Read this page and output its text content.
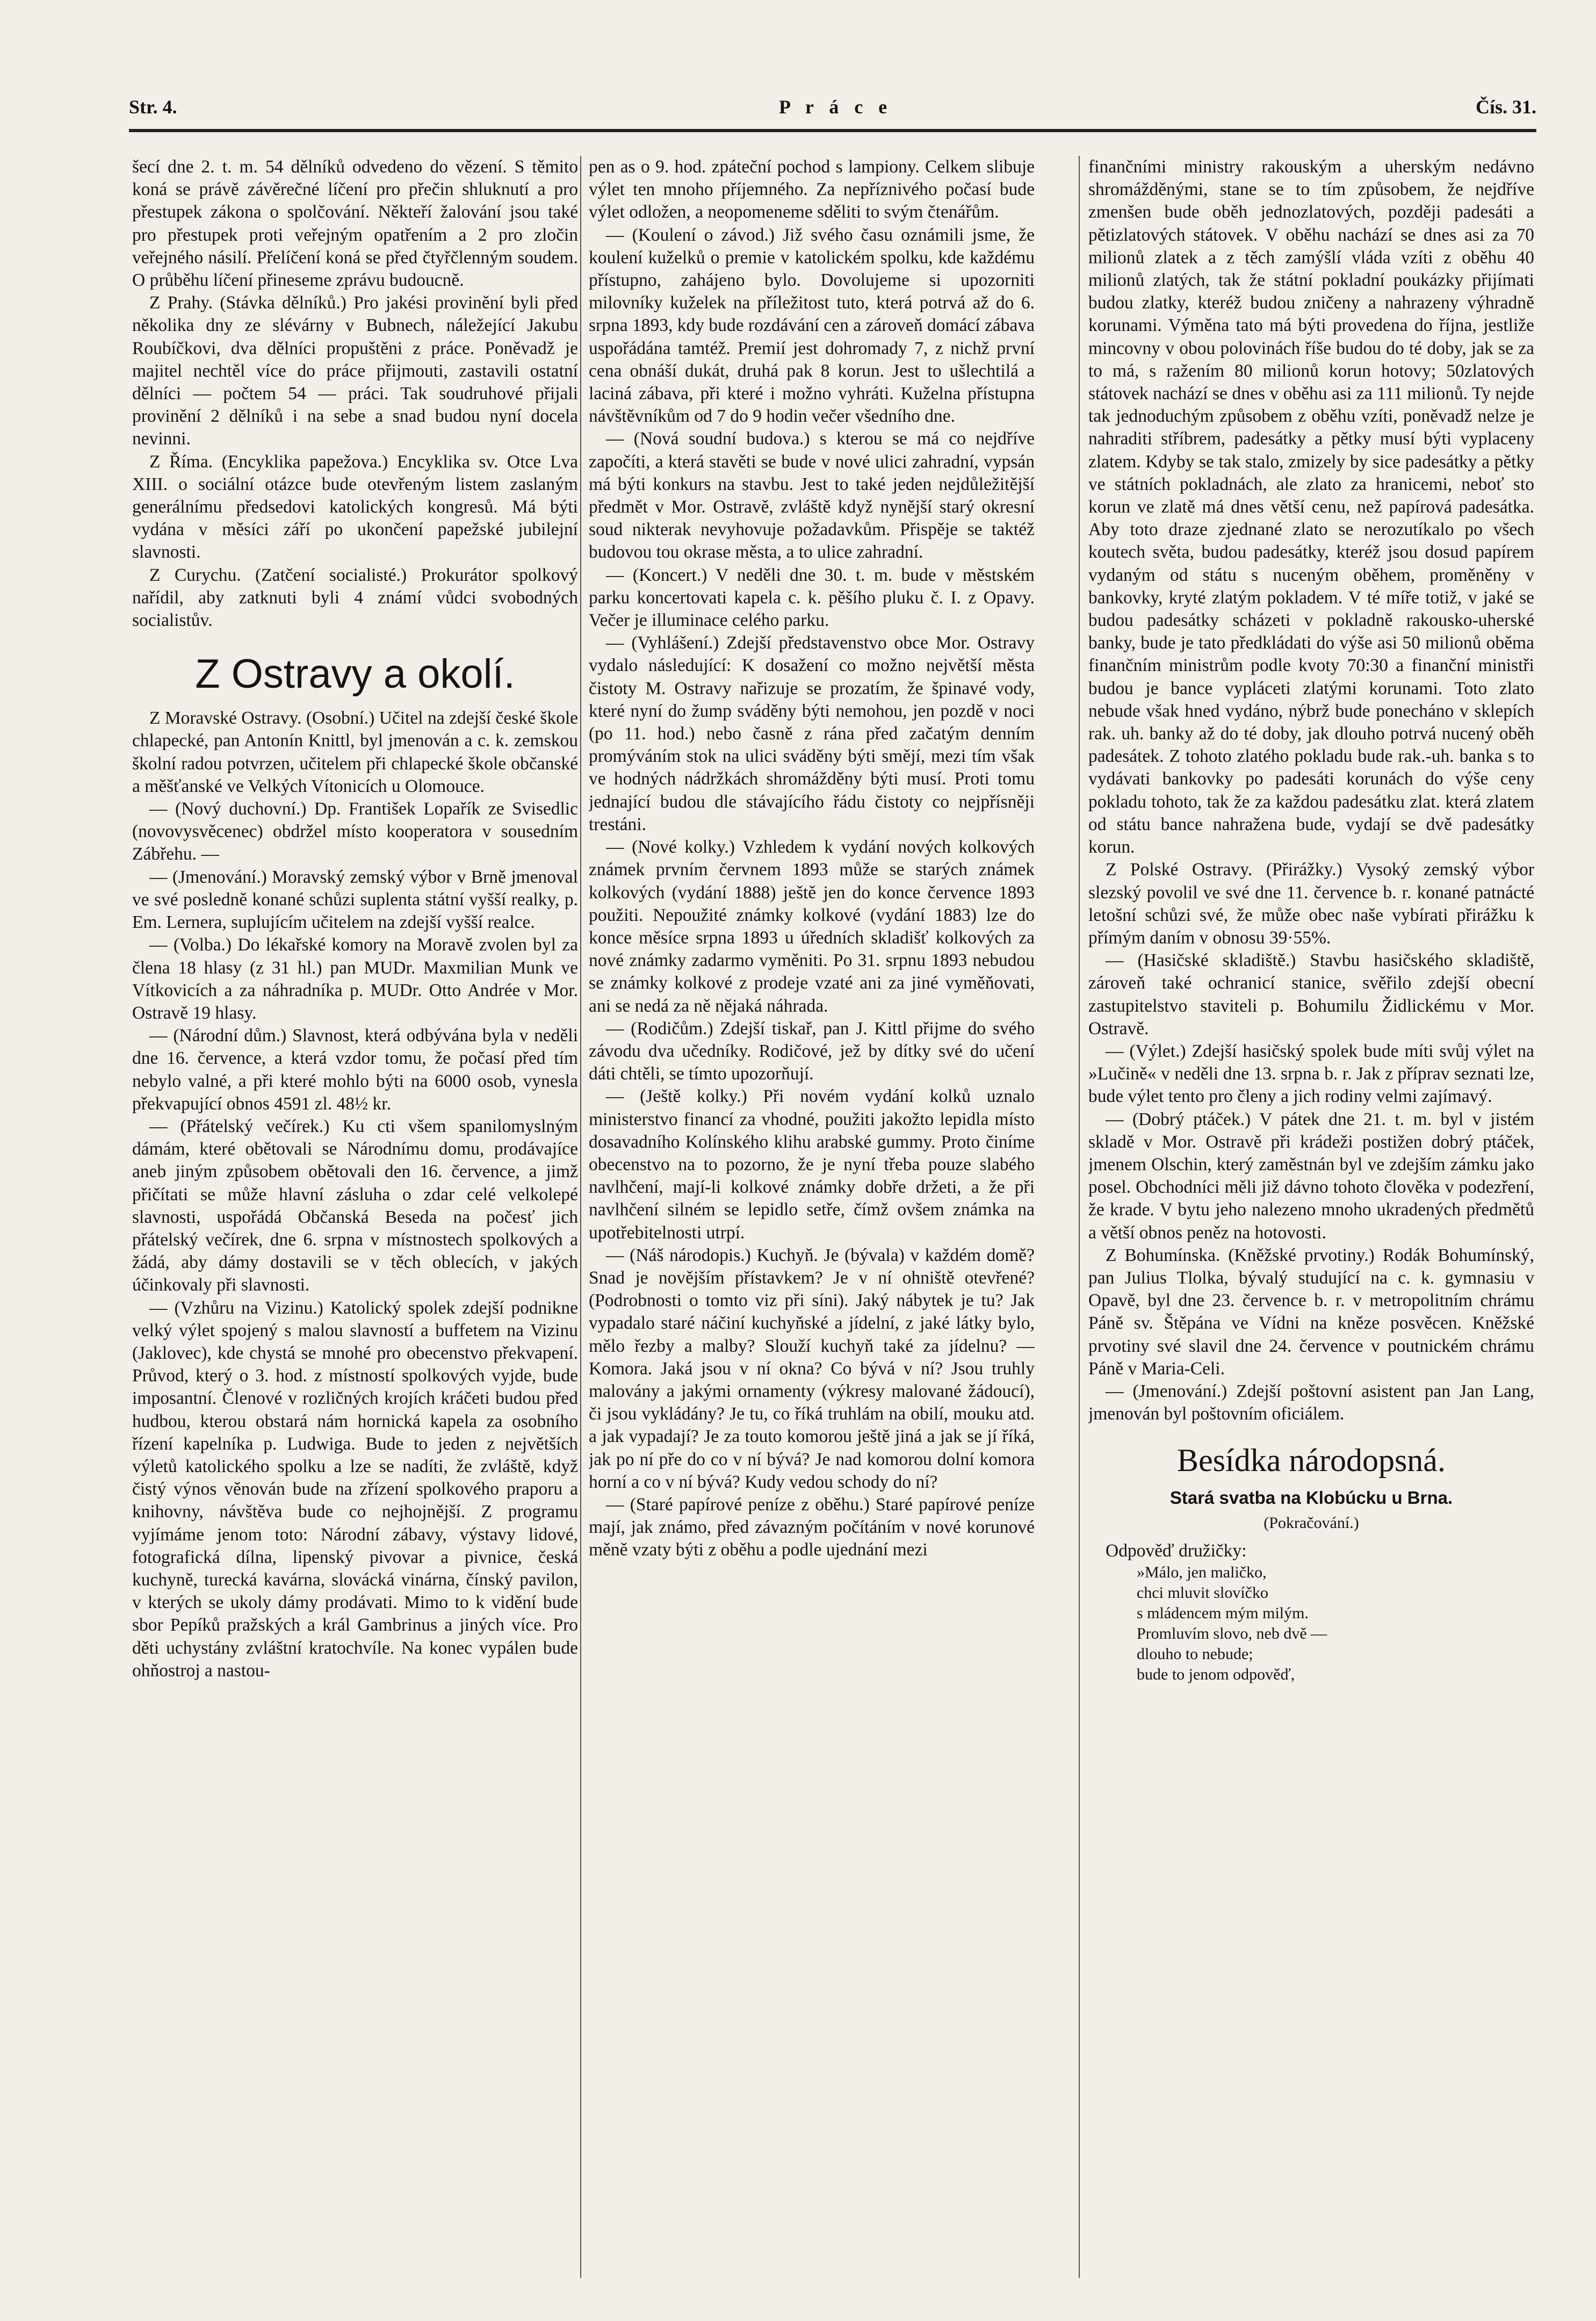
Str. 4.	P r á c e	Čís. 31.

šecí dne 2. t. m. 54 dělníků odvedeno do vězení. S těmito koná se právě závěrečné líčení pro přečin shluknutí a pro přestupek zákona o spolčování. Někteří žalování jsou také pro přestupek proti veřejným opatřením a 2 pro zločin veřejného násilí. Přelíčení koná se před čtyřčlenným soudem. O průběhu líčení přineseme zprávu budoucně.

Z Prahy. (Stávka dělníků.) Pro jakési provinění byli před několika dny ze slévárny v Bubnech, náležející Jakubu Roubíčkovi, dva dělníci propuštěni z práce. Poněvadž je majitel nechtěl více do práce přijmouti, zastavili ostatní dělníci — počtem 54 — práci. Tak soudruhové přijali provinění 2 dělníků i na sebe a snad budou nyní docela nevinni.

Z Říma. (Encyklika papežova.) Encyklika sv. Otce Lva XIII. o sociální otázce bude otevřeným listem zaslaným generálnímu předsedovi katolických kongresů. Má býti vydána v měsíci září po ukončení papežské jubilejní slavnosti.

Z Curychu. (Zatčení socialisté.) Prokurátor spolkový nařídil, aby zatknuti byli 4 známí vůdci svobodných socialistův.

Z Ostravy a okolí.

Z Moravské Ostravy. (Osobní.) Učitel na zdejší české škole chlapecké, pan Antonín Knittl, byl jmenován a c. k. zemskou školní radou potvrzen, učitelem při chlapecké škole občanské a měšťanské ve Velkých Vítonicích u Olomouce.

— (Nový duchovní.) Dp. František Lopařík ze Svisedlic (novovysvěcenec) obdržel místo kooperatora v sousedním Zábřehu. —

— (Jmenování.) Moravský zemský výbor v Brně jmenoval ve své posledně konané schůzi suplenta státní vyšší realky, p. Em. Lernera, suplujícím učitelem na zdejší vyšší realce.

— (Volba.) Do lékařské komory na Moravě zvolen byl za člena 18 hlasy (z 31 hl.) pan MUDr. Maxmilian Munk ve Vítkovicích a za náhradníka p. MUDr. Otto Andrée v Mor. Ostravě 19 hlasy.

— (Národní dům.) Slavnost, která odbývána byla v neděli dne 16. července, a která vzdor tomu, že počasí před tím nebylo valné, a při které mohlo býti na 6000 osob, vynesla překvapující obnos 4591 zl. 48½ kr.

— (Přátelský večírek.) Ku cti všem spanilomyslným dámám, které obětovali se Národnímu domu, prodávajíce aneb jiným způsobem obětovali den 16. července, a jimž přičítati se může hlavní zásluha o zdar celé velkolepé slavnosti, uspořádá Občanská Beseda na počesť jich přátelský večírek, dne 6. srpna v místnostech spolkových a žádá, aby dámy dostavili se v těch oblecích, v jakých účinkovaly při slavnosti.

— (Vzhůru na Vizinu.) Katolický spolek zdejší podnikne velký výlet spojený s malou slavností a buffetem na Vizinu (Jaklovec), kde chystá se mnohé pro obecenstvo překvapení. Průvod, který o 3. hod. z místností spolkových vyjde, bude imposantní. Členové v rozličných krojích kráčeti budou před hudbou, kterou obstará nám hornická kapela za osobního řízení kapelníka p. Ludwiga. Bude to jeden z největších výletů katolického spolku a lze se nadíti, že zvláště, když čistý výnos věnován bude na zřízení spolkového praporu a knihovny, návštěva bude co nejhojnější. Z programu vyjímáme jenom toto: Národní zábavy, výstavy lidové, fotografická dílna, lipenský pivovar a pivnice, česká kuchyně, turecká kavárna, slovácká vinárna, čínský pavilon, v kterých se ukoly dámy prodávati. Mimo to k vidění bude sbor Pepíků pražských a král Gambrinus a jiných více. Pro děti uchystány zvláštní kratochvíle. Na konec vypálen bude ohňostroj a nastou-

pen as o 9. hod. zpáteční pochod s lampiony. Celkem slibuje výlet ten mnoho příjemného. Za nepříznivého počasí bude výlet odložen, a neopomeneme sděliti to svým čtenářům.

— (Koulení o závod.) Již svého času oznámili jsme, že koulení kuželků o premie v katolickém spolku, kde každému přístupno, zahájeno bylo. Dovolujeme si upozorniti milovníky kuželek na příležitost tuto, která potrvá až do 6. srpna 1893, kdy bude rozdávání cen a zároveň domácí zábava uspořádána tamtéž. Premií jest dohromady 7, z nichž první cena obnáší dukát, druhá pak 8 korun. Jest to ušlechtilá a laciná zábava, při které i možno vyhráti. Kuželna přístupna návštěvníkům od 7 do 9 hodin večer všedního dne.

— (Nová soudní budova.) s kterou se má co nejdříve započíti, a která stavěti se bude v nové ulici zahradní, vypsán má býti konkurs na stavbu. Jest to také jeden nejdůležitější předmět v Mor. Ostravě, zvláště když nynější starý okresní soud nikterak nevyhovuje požadavkům. Přispěje se taktéž budovou tou okrase města, a to ulice zahradní.

— (Koncert.) V neděli dne 30. t. m. bude v městském parku koncertovati kapela c. k. pěšího pluku č. I. z Opavy. Večer je illuminace celého parku.

— (Vyhlášení.) Zdejší představenstvo obce Mor. Ostravy vydalo následující: K dosažení co možno největší města čistoty M. Ostravy nařizuje se prozatím, že špinavé vody, které nyní do žump sváděny býti nemohou, jen pozdě v noci (po 11. hod.) nebo časně z rána před začatým denním promýváním stok na ulici sváděny býti smějí, mezi tím však ve hodných nádržkách shromážděny býti musí. Proti tomu jednající budou dle stávajícího řádu čistoty co nejpřísněji trestáni.

— (Nové kolky.) Vzhledem k vydání nových kolkových známek prvním červnem 1893 může se starých známek kolkových (vydání 1888) ještě jen do konce července 1893 použiti. Nepoužité známky kolkové (vydání 1883) lze do konce měsíce srpna 1893 u úředních skladišť kolkových za nové známky zadarmo vyměniti. Po 31. srpnu 1893 nebudou se známky kolkové z prodeje vzaté ani za jiné vyměňovati, ani se nedá za ně nějaká náhrada.

— (Rodičům.) Zdejší tiskař, pan J. Kittl přijme do svého závodu dva učedníky. Rodičové, jež by dítky své do učení dáti chtěli, se tímto upozorňují.

— (Ještě kolky.) Při novém vydání kolků uznalo ministerstvo financí za vhodné, použiti jakožto lepidla místo dosavadního Kolínského klihu arabské gummy. Proto činíme obecenstvo na to pozorno, že je nyní třeba pouze slabého navlhčení, mají-li kolkové známky dobře držeti, a že při navlhčení silném se lepidlo setře, čímž ovšem známka na upotřebitelnosti utrpí.

— (Náš národopis.) Kuchyň. Je (bývala) v každém domě? Snad je novějším přístavkem? Je v ní ohniště otevřené? (Podrobnosti o tomto viz při síni). Jaký nábytek je tu? Jak vypadalo staré náčiní kuchyňské a jídelní, z jaké látky bylo, mělo řezby a malby? Slouží kuchyň také za jídelnu? — Komora. Jaká jsou v ní okna? Co bývá v ní? Jsou truhly malovány a jakými ornamenty (výkresy malované žádoucí), či jsou vykládány? Je tu, co říká truhlám na obilí, mouku atd. a jak vypadají? Je za touto komorou ještě jiná a jak se jí říká, jak po ní pře do co v ní bývá? Je nad komorou dolní komora horní a co v ní bývá? Kudy vedou schody do ní?

— (Staré papírové peníze z oběhu.) Staré papírové peníze mají, jak známo, před závazným počítáním v nové korunové měně vzaty býti z oběhu a podle ujednání mezi

finančními ministry rakouským a uherským nedávno shromážděnými, stane se to tím způsobem, že nejdříve zmenšen bude oběh jednozlatových, později padesáti a pětizlatových státovek. V oběhu nachází se dnes asi za 70 milionů zlatek a z těch zamýšlí vláda vzíti z oběhu 40 milionů zlatých, tak že státní pokladní poukázky přijímati budou zlatky, kteréž budou zničeny a nahrazeny výhradně korunami. Výměna tato má býti provedena do října, jestliže mincovny v obou polovinách říše budou do té doby, jak se za to má, s ražením 80 milionů korun hotovy; 50zlatových státovek nachází se dnes v oběhu asi za 111 milionů. Ty nejde tak jednoduchým způsobem z oběhu vzíti, poněvadž nelze je nahraditi stříbrem, padesátky a pětky musí býti vyplaceny zlatem. Kdyby se tak stalo, zmizely by sice padesátky a pětky ve státních pokladnách, ale zlato za hranicemi, neboť sto korun ve zlatě má dnes větší cenu, než papírová padesátka. Aby toto draze zjednané zlato se nerozutíkalo po všech koutech světa, budou padesátky, kteréž jsou dosud papírem vydaným od státu s nuceným oběhem, proměněny v bankovky, kryté zlatým pokladem. V té míře totiž, v jaké se budou padesátky scházeti v pokladně rakousko-uherské banky, bude je tato předkládati do výše asi 50 milionů oběma finančním ministrům podle kvoty 70:30 a finanční ministři budou je bance vypláceti zlatými korunami. Toto zlato nebude však hned vydáno, nýbrž bude ponecháno v sklepích rak. uh. banky až do té doby, jak dlouho potrvá nucený oběh padesátek. Z tohoto zlatého pokladu bude rak.-uh. banka s to vydávati bankovky po padesáti korunách do výše ceny pokladu tohoto, tak že za každou padesátku zlat. která zlatem od státu bance nahražena bude, vydají se dvě padesátky korun.

Z Polské Ostravy. (Přirážky.) Vysoký zemský výbor slezský povolil ve své dne 11. července b. r. konané patnácté letošní schůzi své, že může obec naše vybírati přirážku k přímým daním v obnosu 39·55%.

— (Hasičské skladiště.) Stavbu hasičského skladiště, zároveň také ochranicí stanice, svěřilo zdejší obecní zastupitelstvo staviteli p. Bohumilu Židlickému v Mor. Ostravě.

— (Výlet.) Zdejší hasičský spolek bude míti svůj výlet na »Lučině« v neděli dne 13. srpna b. r. Jak z příprav seznati lze, bude výlet tento pro členy a jich rodiny velmi zajímavý.

— (Dobrý ptáček.) V pátek dne 21. t. m. byl v jistém skladě v Mor. Ostravě při krádeži postižen dobrý ptáček, jmenem Olschin, který zaměstnán byl ve zdejším zámku jako posel. Obchodníci měli již dávno tohoto člověka v podezření, že krade. V bytu jeho nalezeno mnoho ukradených předmětů a větší obnos peněz na hotovosti.

Z Bohumínska. (Kněžské prvotiny.) Rodák Bohumínský, pan Julius Tlolka, bývalý studující na c. k. gymnasiu v Opavě, byl dne 23. července b. r. v metropolitním chrámu Páně sv. Štěpána ve Vídni na kněze posvěcen. Kněžské prvotiny své slavil dne 24. července v poutnickém chrámu Páně v Maria-Celi.

— (Jmenování.) Zdejší poštovní asistent pan Jan Lang, jmenován byl poštovním oficiálem.

Besídka národopsná.
Stará svatba na Klobúcku u Brna.
(Pokračování.)

Odpověď družičky:

»Málo, jen maličko,
chci mluvit slovíčko
s mládencem mým milým.
Promluvím slovo, neb dvě —
dlouho to nebude;
bude to jenom odpověď,
